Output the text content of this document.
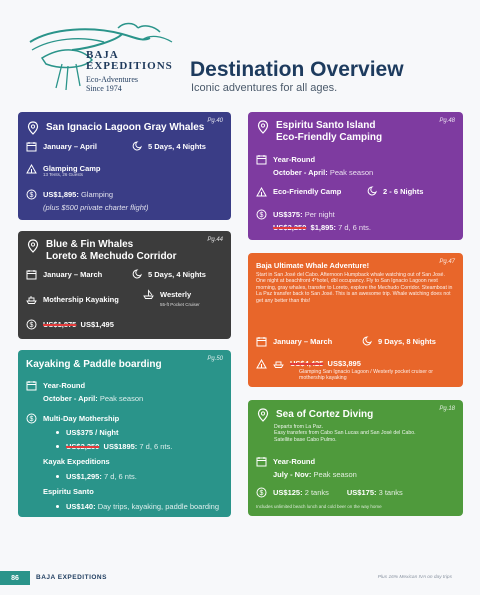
BAJA
EXPEDITIONS
Eco-Adventures
Since 1974
Destination Overview
Iconic adventures for all ages.
Pg.40
San Ignacio Lagoon Gray Whales
January – April	5 Days, 4 Nights
Glamping Camp
13 Tents, 26 Guests
$ US$1,895:
Glamping
(plus $500 private charter flight)
Pg.44
Blue & Fin Whales
Loreto & Mechudo Corridor
January – March	5 Days, 4 Nights
Mothership Kayaking
Westerly
55-ft Pocket Cruiser
$ US$1,875
US$1,495
Pg.50
Kayaking & Paddle boarding
Year-Round
October - April:
Peak season
$ Multi-Day Mothership
US$375 / Night
US$2,250
US$1895:
7 d, 6 nts.
Kayak Expeditions
US$1,295:
7 d, 6 nts.
Espiritu Santo
US$140:
Day trips, kayaking, paddle boarding
Pg.48
Espiritu Santo Island
Eco-Friendly Camping
Year-Round
October - April:
Peak season
Eco-Friendly Camp	2 - 6 Nights
$ US$375:
Per night
US$2,250
$1,895:
7 d, 6 nts.
Pg.47
Baja Ultimate Whale Adventure!
Start in San José del Cabo. Afternoon Humpback whale watching out of San José. One night at beachfront 4*hotel, dbl occupancy. Fly to San Ignacio Lagoon next morning, gray whales, transfer to Loreto, explore the Mechudo Corridor. Steamboat in La Paz transfer back to San José. This is an awesome trip. Whale watching does not get any better than this!
January – March	9 Days, 8 Nights
US$4,425
US$3,895
Glamping San Ignacio Lagoon / Westerly pocket cruiser or mothership kayaking
Pg.18
Sea of Cortez Diving
Departs from La Paz.
Easy transfers from Cabo San Lucas and San José del Cabo.
Satellite base Cabo Pulmo.
Year-Round
July - Nov:
Peak season
$ US$125:
2 tanks US$175:
3 tanks
Includes unlimited beach lunch and cold beer on the way home
86	BAJA EXPEDITIONS	Plus 16% Mexican IVA on day trips
